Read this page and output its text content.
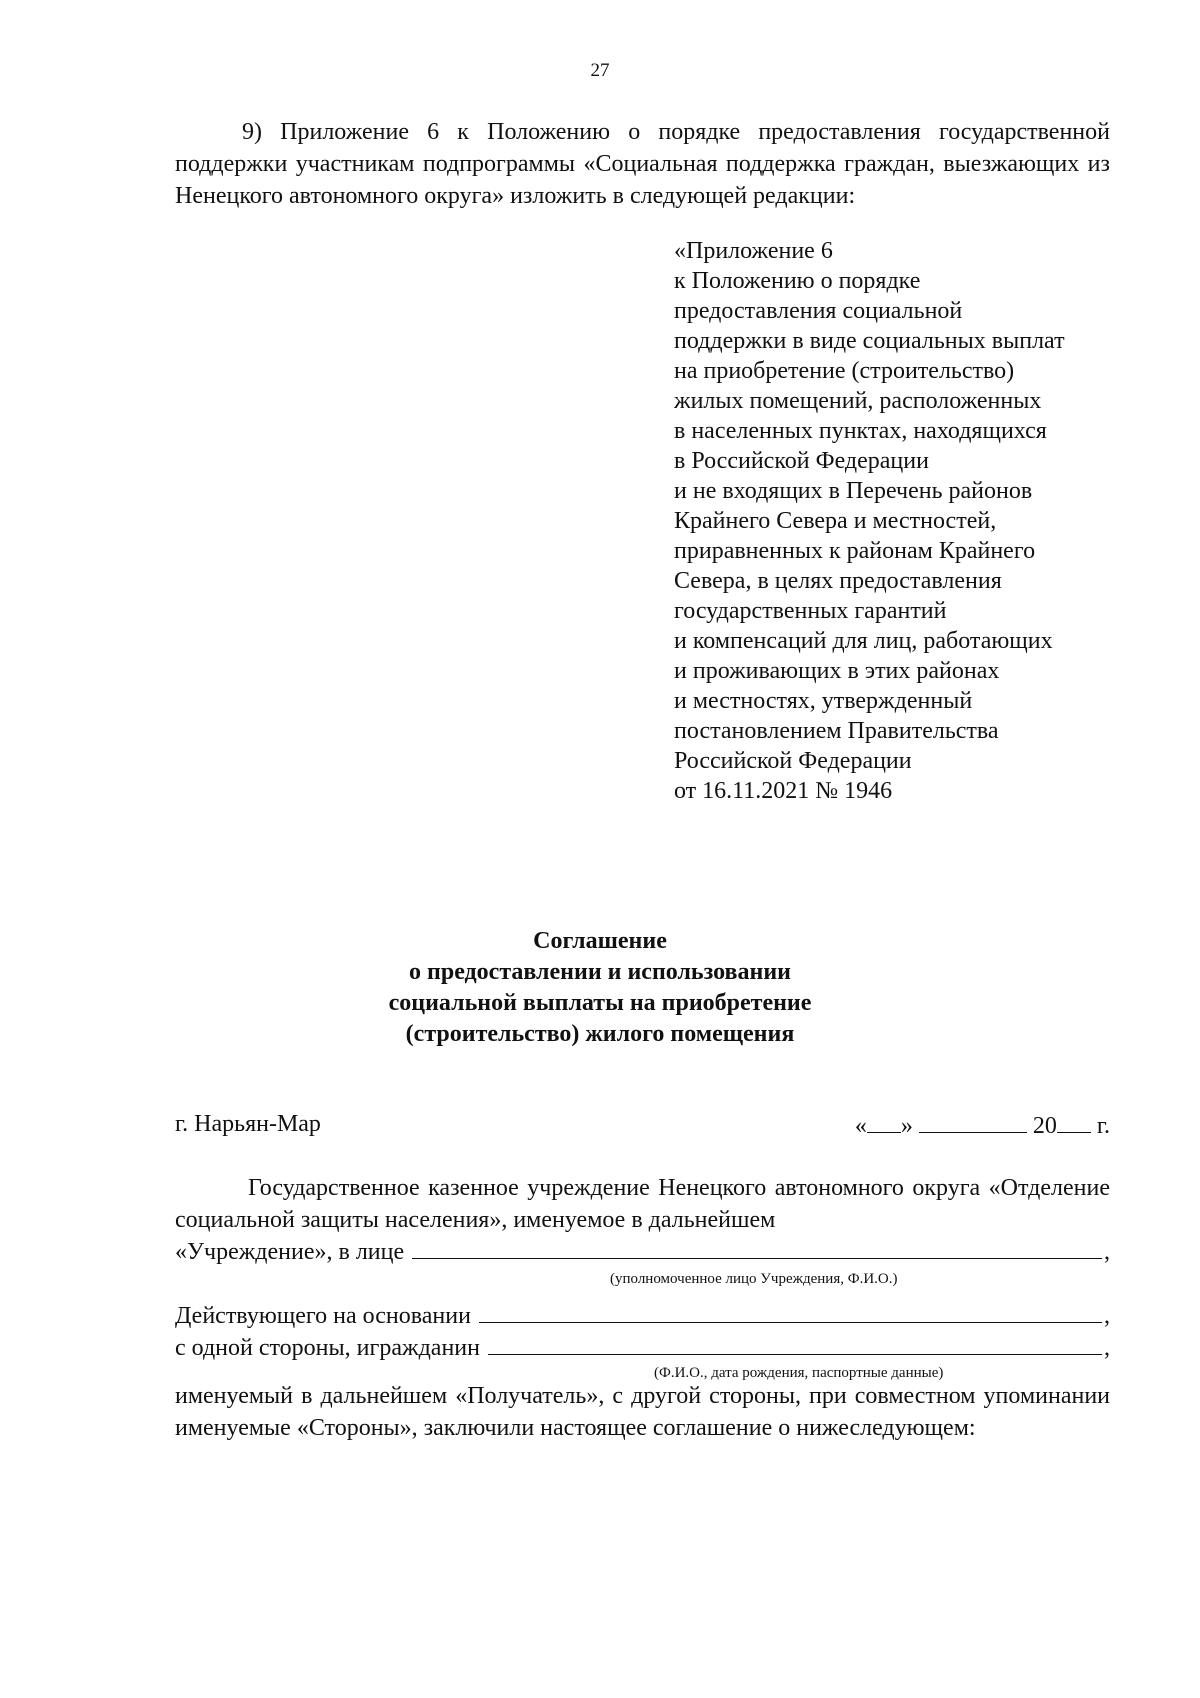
27
9) Приложение 6 к Положению о порядке предоставления государственной поддержки участникам подпрограммы «Социальная поддержка граждан, выезжающих из Ненецкого автономного округа» изложить в следующей редакции:
«Приложение 6
к Положению о порядке
предоставления социальной
поддержки в виде социальных выплат
на приобретение (строительство)
жилых помещений, расположенных
в населенных пунктах, находящихся
в Российской Федерации
и не входящих в Перечень районов
Крайнего Севера и местностей,
приравненных к районам Крайнего
Севера, в целях предоставления
государственных гарантий
и компенсаций для лиц, работающих
и проживающих в этих районах
и местностях, утвержденный
постановлением Правительства
Российской Федерации
от 16.11.2021 № 1946
Соглашение
о предоставлении и использовании
социальной выплаты на приобретение
(строительство) жилого помещения
г. Нарьян-Мар	« »	20 г.
Государственное казенное учреждение Ненецкого автономного округа «Отделение социальной защиты населения», именуемое в дальнейшем
«Учреждение», в лице	,
(уполномоченное лицо Учреждения, Ф.И.О.)
Действующего на основании	,
с одной стороны, игражданин	,
(Ф.И.О., дата рождения, паспортные данные)
именуемый в дальнейшем «Получатель», с другой стороны, при совместном упоминании именуемые «Стороны», заключили настоящее соглашение о нижеследующем:
